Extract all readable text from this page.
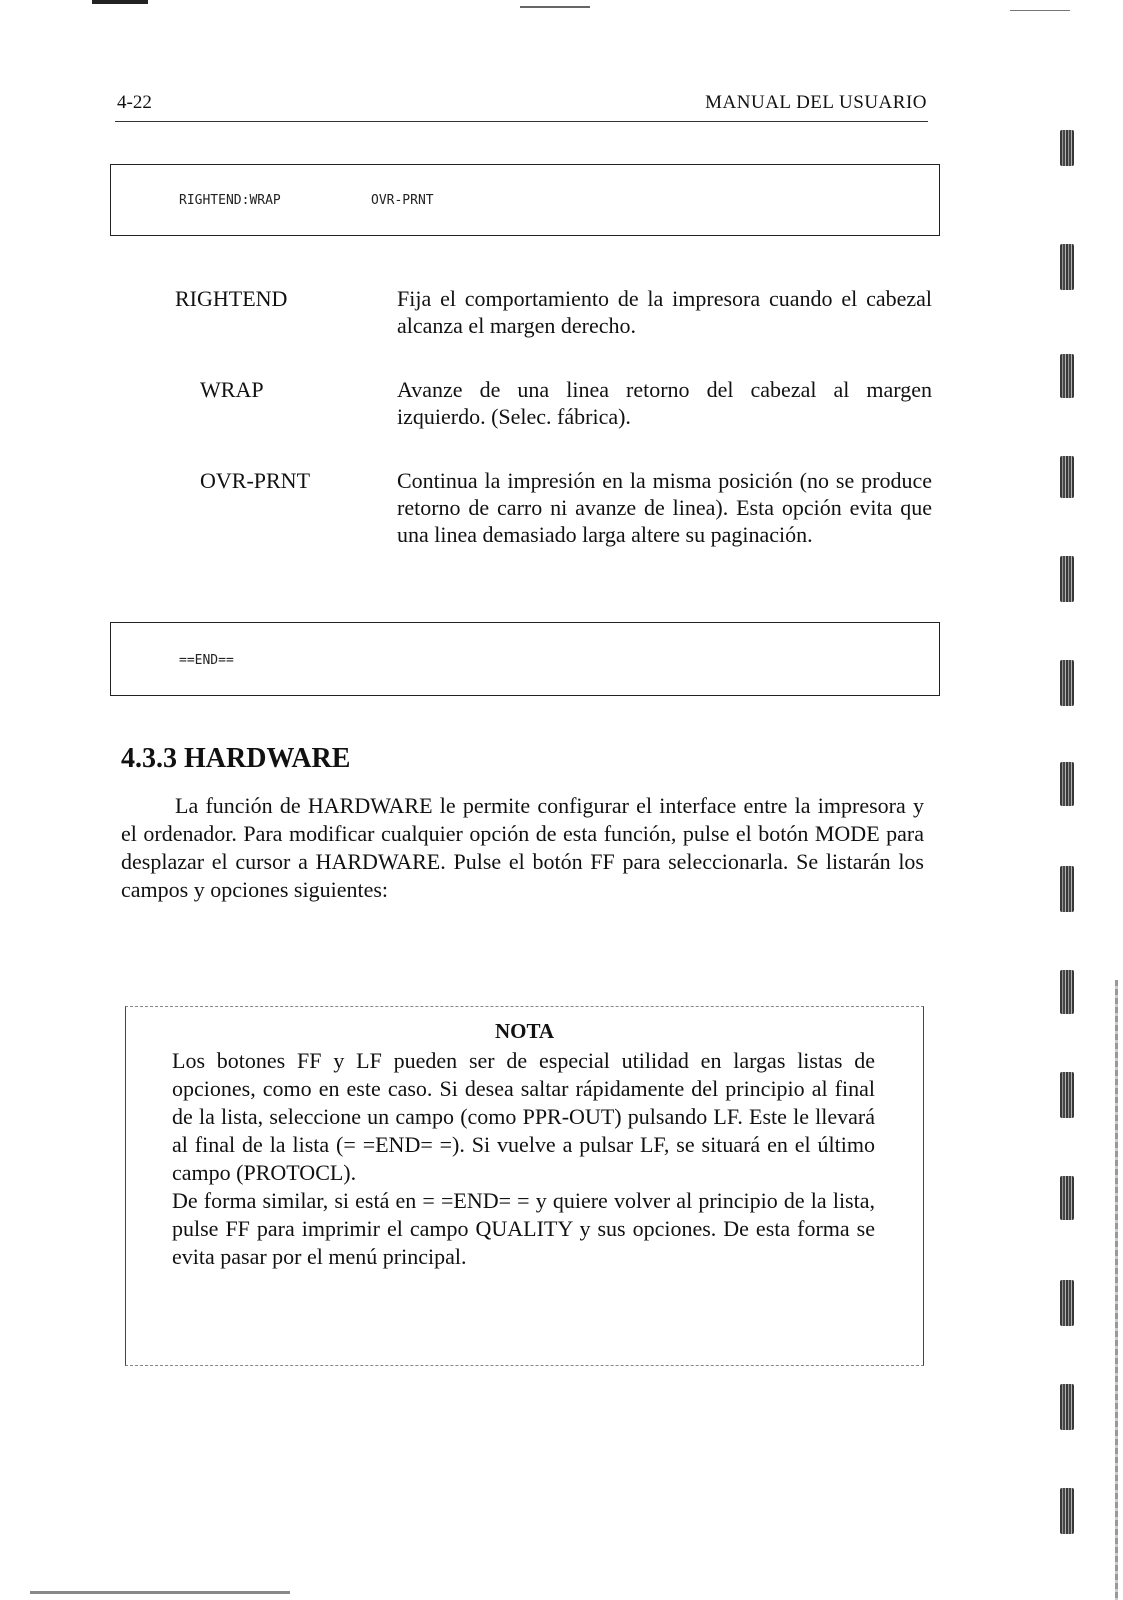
4-22	MANUAL DEL USUARIO
RIGHTEND:WRAP	OVR-PRNT
RIGHTEND	Fija el comportamiento de la impresora cuando el cabezal alcanza el margen derecho.
WRAP	Avanze de una linea retorno del cabezal al margen izquierdo. (Selec. fábrica).
OVR-PRNT	Continua la impresión en la misma posición (no se produce retorno de carro ni avanze de linea). Esta opción evita que una linea demasiado larga altere su paginación.
==END==
4.3.3 HARDWARE
La función de HARDWARE le permite configurar el interface entre la impresora y el ordenador. Para modificar cualquier opción de esta función, pulse el botón MODE para desplazar el cursor a HARDWARE. Pulse el botón FF para seleccionarla. Se listarán los campos y opciones siguientes:
NOTA
Los botones FF y LF pueden ser de especial utilidad en largas listas de opciones, como en este caso. Si desea saltar rápidamente del principio al final de la lista, seleccione un campo (como PPR-OUT) pulsando LF. Este le llevará al final de la lista (= =END= =). Si vuelve a pulsar LF, se situará en el último campo (PROTOCL).
De forma similar, si está en = =END= = y quiere volver al principio de la lista, pulse FF para imprimir el campo QUALITY y sus opciones. De esta forma se evita pasar por el menú principal.
